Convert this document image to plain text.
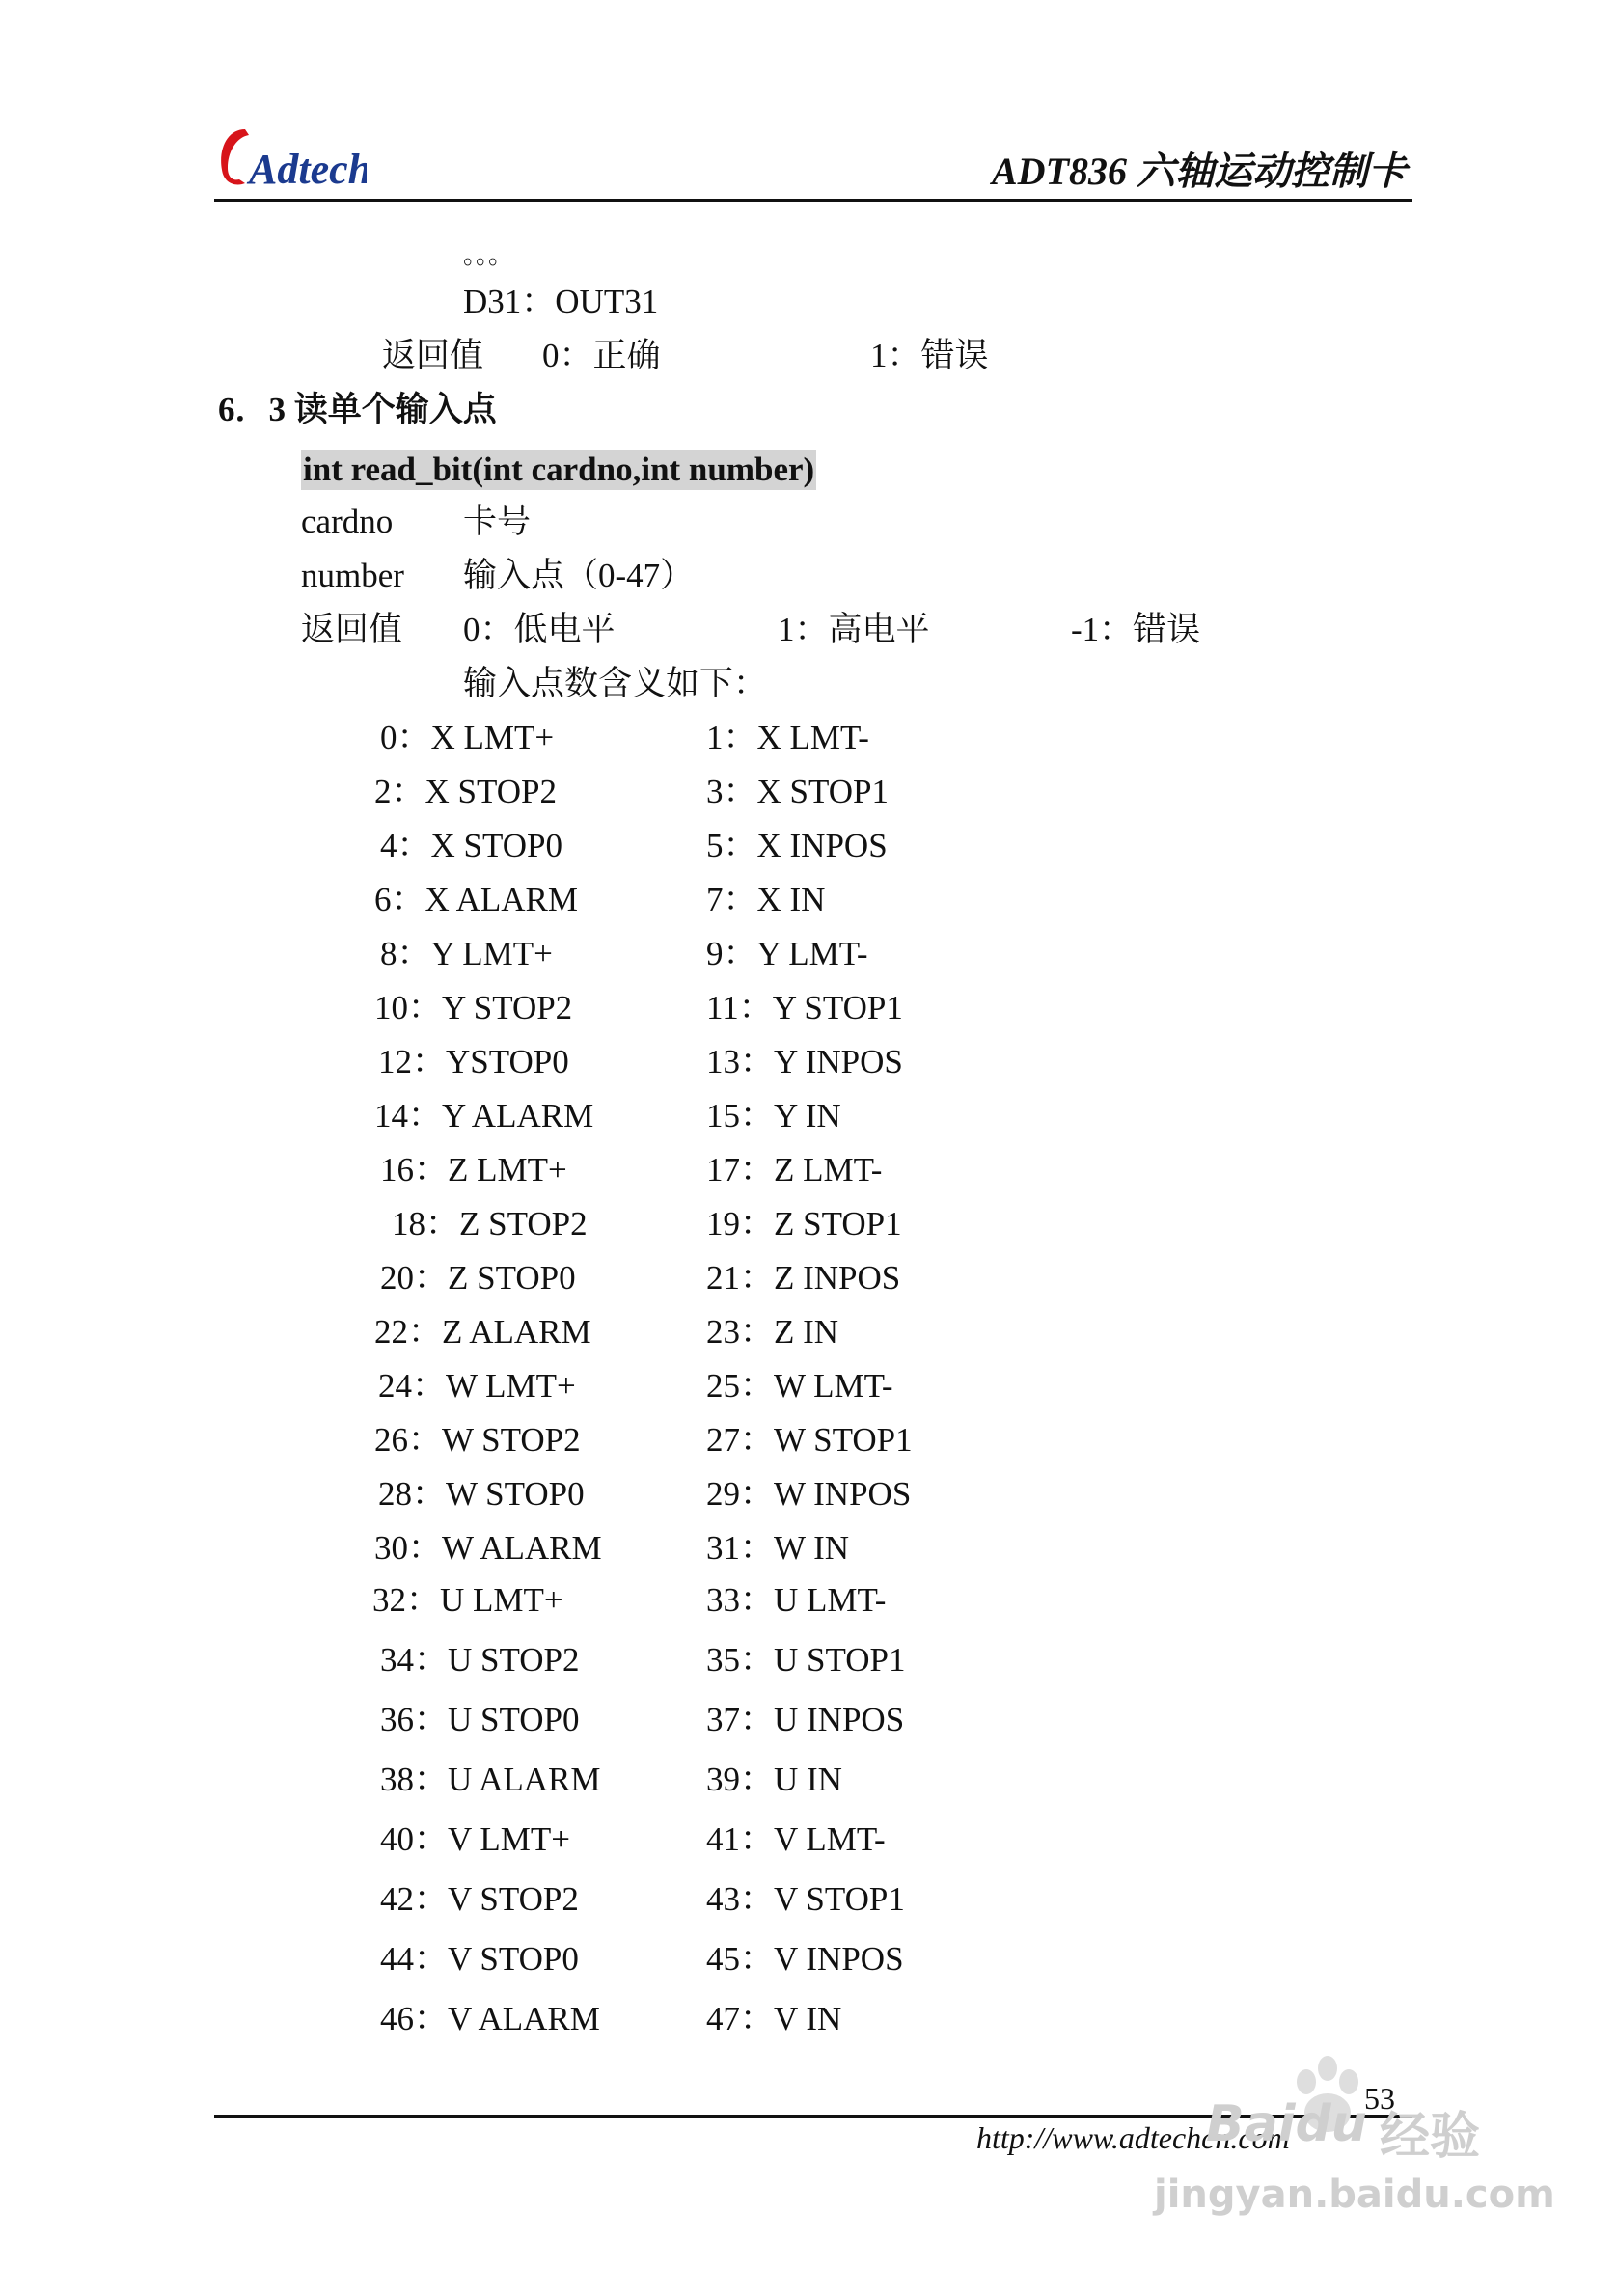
Adtech	ADT836 六轴运动控制卡
。。。
D31：OUT31
返回值 0：正确	1：错误
6．3 读单个输入点
int read_bit(int cardno,int number)
cardno 卡号
number 输入点（0-47）
返回值 0：低电平	1：高电平	-1：错误
输入点数含义如下：
0：X LMT+	1：X LMT-
2：X STOP2	3：X STOP1
4：X STOP0	5：X INPOS
6：X ALARM	7：X IN
8：Y LMT+	9：Y LMT-
10：Y STOP2	11：Y STOP1
12：YSTOP0	13：Y INPOS
14：Y ALARM	15：Y IN
16：Z LMT+	17：Z LMT-
18：Z STOP2	19：Z STOP1
20：Z STOP0	21：Z INPOS
22：Z ALARM	23：Z IN
24：W LMT+	25：W LMT-
26：W STOP2	27：W STOP1
28：W STOP0	29：W INPOS
30：W ALARM	31：W IN
32：U LMT+	33：U LMT-
34：U STOP2	35：U STOP1
36：U STOP0	37：U INPOS
38：U ALARM	39：U IN
40：V LMT+	41：V LMT-
42：V STOP2	43：V STOP1
44：V STOP0	45：V INPOS
46：V ALARM	47：V IN
53
http://www.adtechcn.com
Baidu 经验
jingyan.baidu.com
